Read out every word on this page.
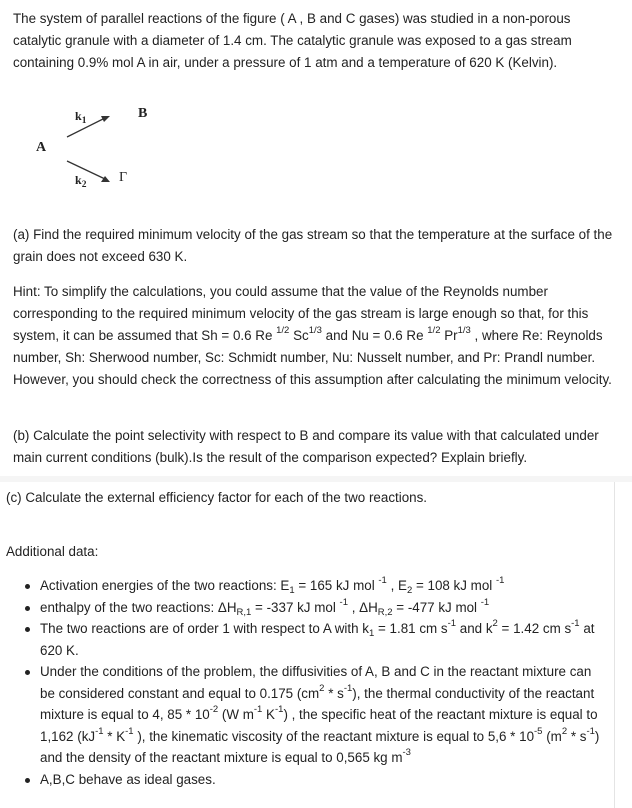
The system of parallel reactions of the figure ( A , B and C gases) was studied in a non-porous catalytic granule with a diameter of 1.4 cm. The catalytic granule was exposed to a gas stream containing 0.9% mol A in air, under a pressure of 1 atm and a temperature of 620 K (Kelvin).

A
B
Γ
$k_1$
$k_2$

(a) Find the required minimum velocity of the gas stream so that the temperature at the surface of the grain does not exceed 630 K.

Hint: To simplify the calculations, you could assume that the value of the Reynolds number corresponding to the required minimum velocity of the gas stream is large enough so that, for this system, it can be assumed that Sh = 0.6 Re $^{1/2}$ $Sc^{1/3}$ and Nu = 0.6 Re $^{1/2}$ $Pr^{1/3}$ , where Re: Reynolds number, Sh: Sherwood number, Sc: Schmidt number, Nu: Nusselt number, and Pr: Prandl number. However, you should check the correctness of this assumption after calculating the minimum velocity.

(b) Calculate the point selectivity with respect to B and compare its value with that calculated under main current conditions (bulk).Is the result of the comparison expected? Explain briefly.

(c) Calculate the external efficiency factor for each of the two reactions.

Additional data:

Activation energies of the two reactions: $E_1 = 165$ kJ mol $^{-1}$ , $E_2 = 108$ kJ mol $^{-1}$
enthalpy of the two reactions: $\Delta H_{R,1} = -337$ kJ mol $^{-1}$ , $\Delta H_{R,2} = -477$ kJ mol $^{-1}$
The two reactions are of order 1 with respect to A with $k_1 = 1.81$ cm $s^{-1}$ and $k^2 = 1.42$ cm $s^{-1}$ at 620 K.
Under the conditions of the problem, the diffusivities of A, B and C in the reactant mixture can be considered constant and equal to 0.175 $(cm^2 * s^{-1})$, the thermal conductivity of the reactant mixture is equal to 4, $85 * 10^{-2}$ (W $m^{-1}$ $K^{-1}$) , the specific heat of the reactant mixture is equal to 1,162 ($kJ^{-1} * K^{-1}$ ), the kinematic viscosity of the reactant mixture is equal to $5,6 * 10^{-5}$ $(m^2 * s^{-1})$ and the density of the reactant mixture is equal to 0,565 kg $m^{-3}$
A,B,C behave as ideal gases.
